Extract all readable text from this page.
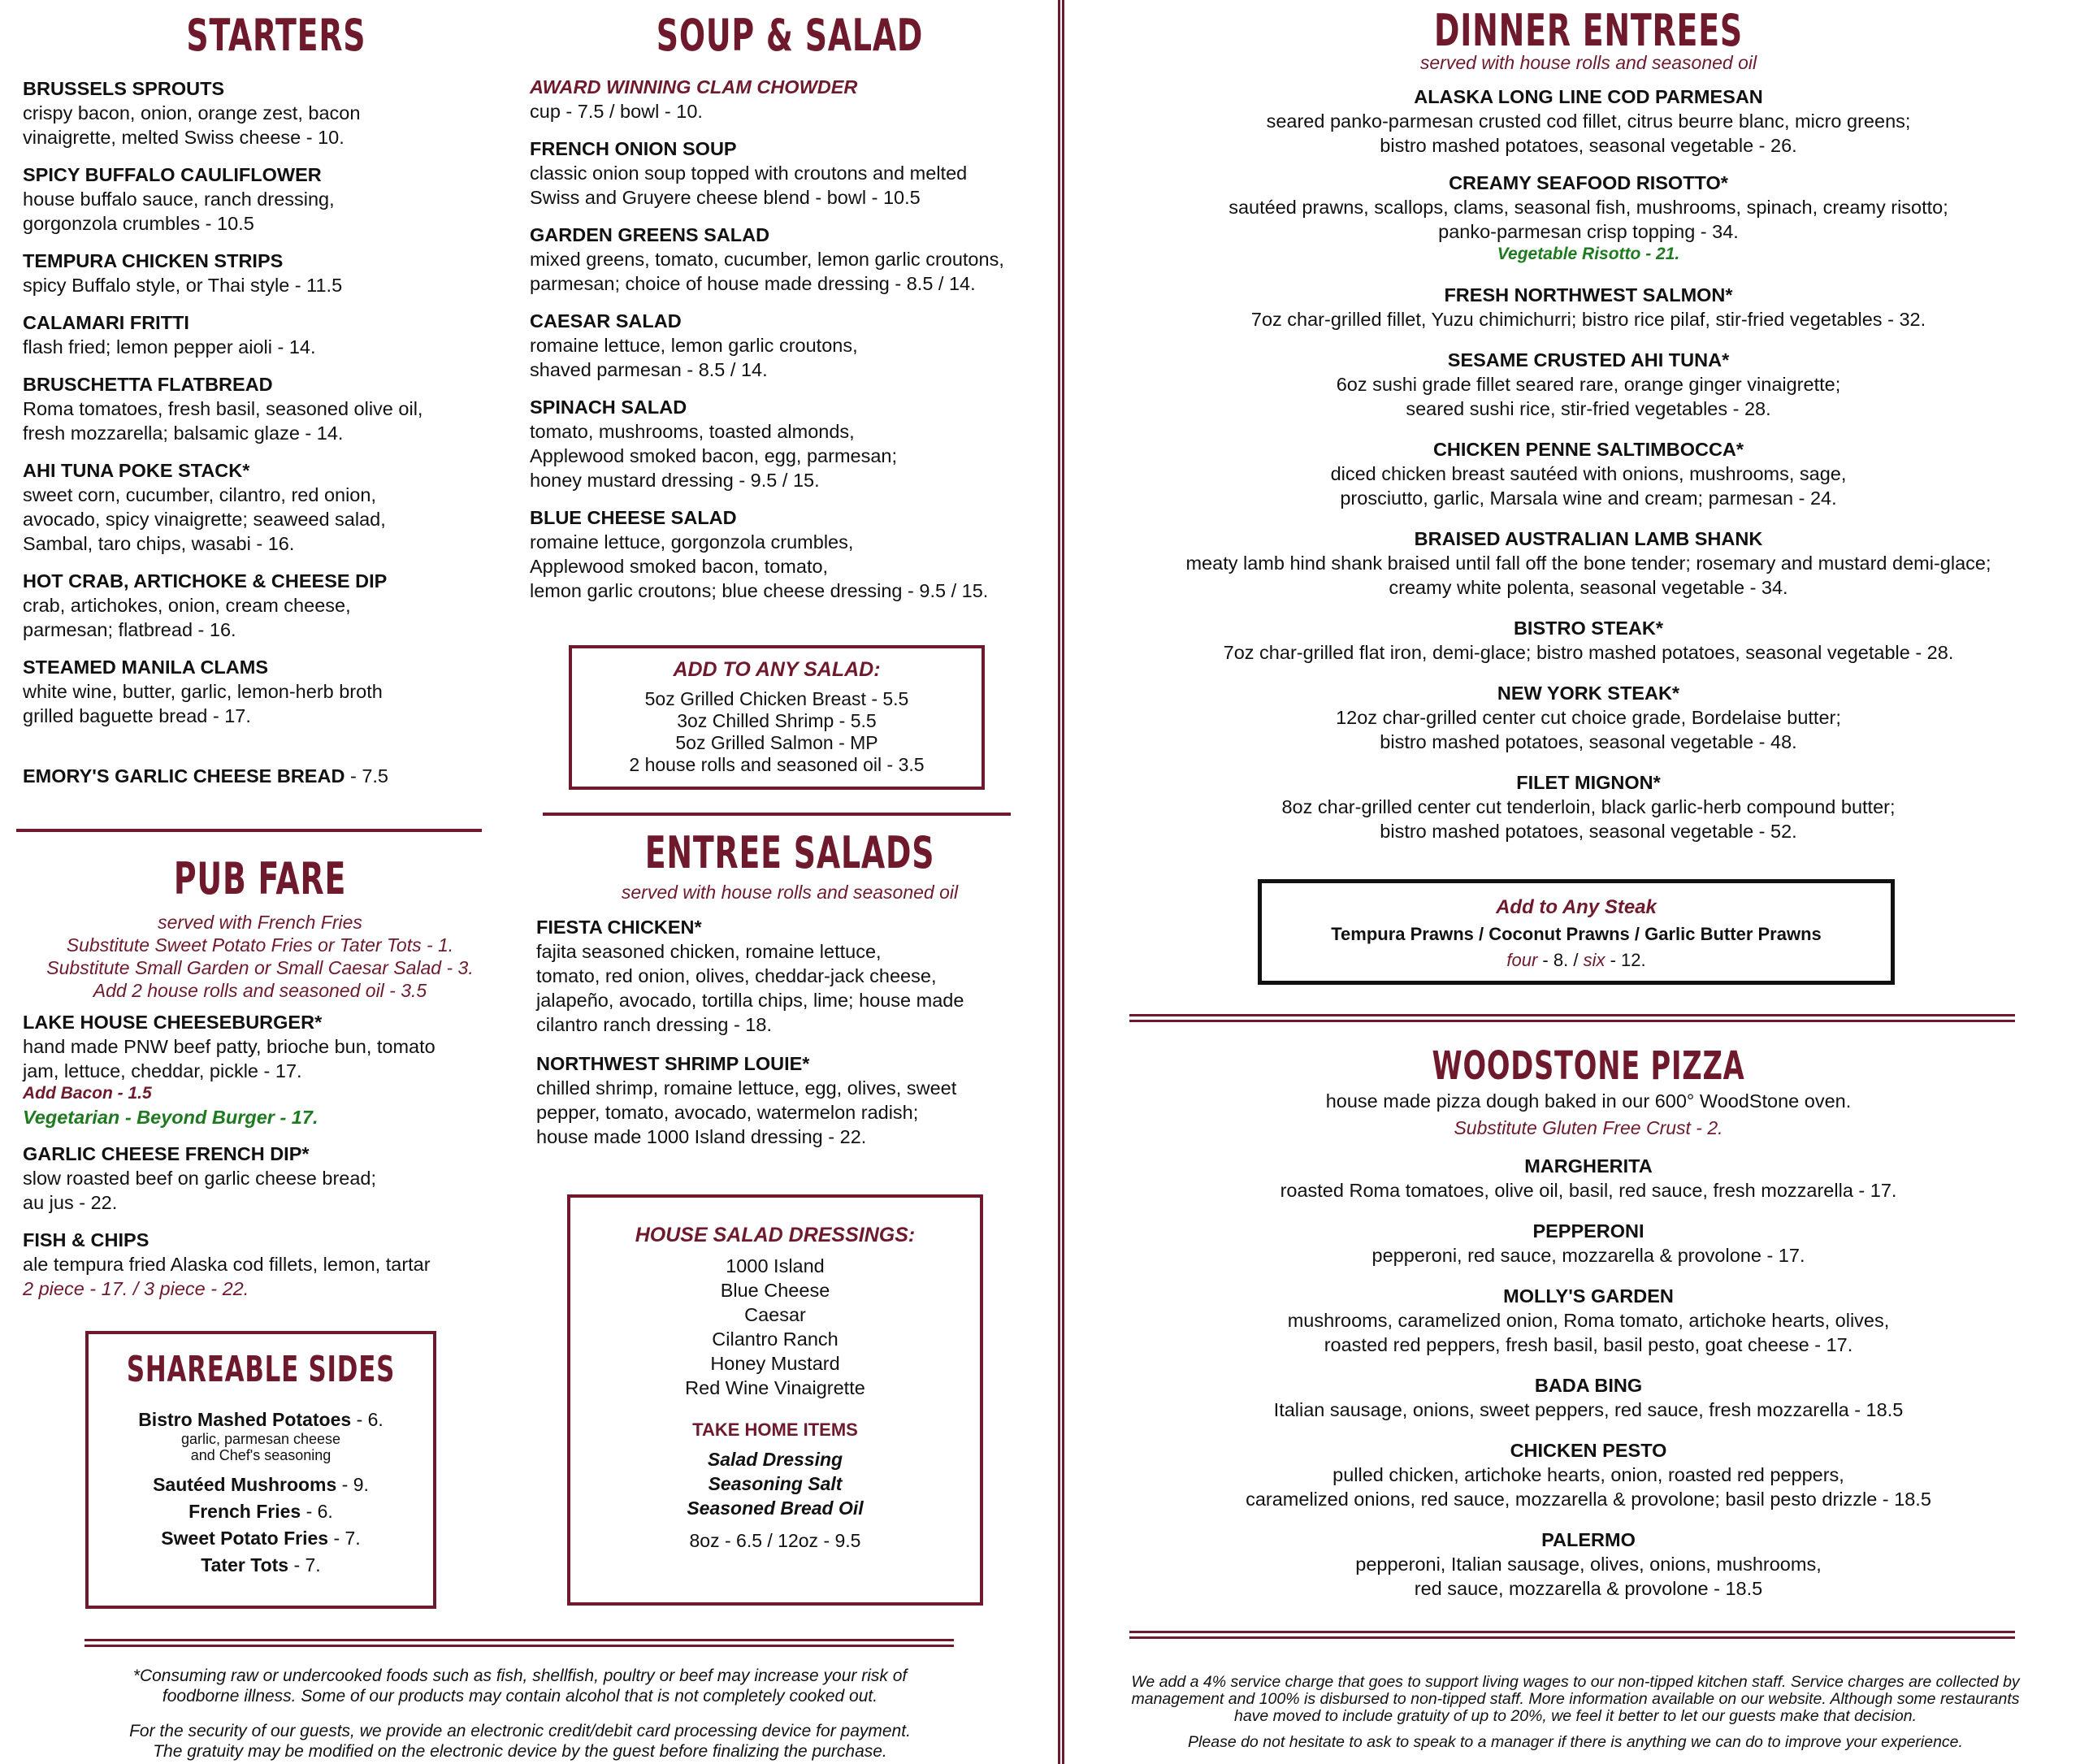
STARTERS
BRUSSELS SPROUTS
crispy bacon, onion, orange zest, bacon
vinaigrette, melted Swiss cheese - 10.
SPICY BUFFALO CAULIFLOWER
house buffalo sauce, ranch dressing,
gorgonzola crumbles - 10.5
TEMPURA CHICKEN STRIPS
spicy Buffalo style, or Thai style - 11.5
CALAMARI FRITTI
flash fried; lemon pepper aioli - 14.
BRUSCHETTA FLATBREAD
Roma tomatoes, fresh basil, seasoned olive oil,
fresh mozzarella; balsamic glaze - 14.
AHI TUNA POKE STACK*
sweet corn, cucumber, cilantro, red onion,
avocado, spicy vinaigrette; seaweed salad,
Sambal, taro chips, wasabi - 16.
HOT CRAB, ARTICHOKE & CHEESE DIP
crab, artichokes, onion, cream cheese,
parmesan; flatbread - 16.
STEAMED MANILA CLAMS
white wine, butter, garlic, lemon-herb broth
grilled baguette bread - 17.
EMORY'S GARLIC CHEESE BREAD - 7.5
PUB FARE
served with French Fries
Substitute Sweet Potato Fries or Tater Tots - 1.
Substitute Small Garden or Small Caesar Salad - 3.
Add 2 house rolls and seasoned oil - 3.5
LAKE HOUSE CHEESEBURGER*
hand made PNW beef patty, brioche bun, tomato
jam, lettuce, cheddar, pickle - 17.
Add Bacon - 1.5
Vegetarian - Beyond Burger - 17.
GARLIC CHEESE FRENCH DIP*
slow roasted beef on garlic cheese bread;
au jus - 22.
FISH & CHIPS
ale tempura fried Alaska cod fillets, lemon, tartar
2 piece - 17. / 3 piece - 22.
SHAREABLE SIDES
Bistro Mashed Potatoes - 6.
garlic, parmesan cheese
and Chef's seasoning
Sautéed Mushrooms - 9.
French Fries - 6.
Sweet Potato Fries - 7.
Tater Tots - 7.
SOUP & SALAD
AWARD WINNING CLAM CHOWDER
cup - 7.5 / bowl - 10.
FRENCH ONION SOUP
classic onion soup topped with croutons and melted
Swiss and Gruyere cheese blend - bowl - 10.5
GARDEN GREENS SALAD
mixed greens, tomato, cucumber, lemon garlic croutons,
parmesan; choice of house made dressing - 8.5 / 14.
CAESAR SALAD
romaine lettuce, lemon garlic croutons,
shaved parmesan - 8.5 / 14.
SPINACH SALAD
tomato, mushrooms, toasted almonds,
Applewood smoked bacon, egg, parmesan;
honey mustard dressing - 9.5 / 15.
BLUE CHEESE SALAD
romaine lettuce, gorgonzola crumbles,
Applewood smoked bacon, tomato,
lemon garlic croutons; blue cheese dressing - 9.5 / 15.
ADD TO ANY SALAD:
5oz Grilled Chicken Breast - 5.5
3oz Chilled Shrimp - 5.5
5oz Grilled Salmon - MP
2 house rolls and seasoned oil - 3.5
ENTREE SALADS
served with house rolls and seasoned oil
FIESTA CHICKEN*
fajita seasoned chicken, romaine lettuce,
tomato, red onion, olives, cheddar-jack cheese,
jalapeño, avocado, tortilla chips, lime; house made
cilantro ranch dressing - 18.
NORTHWEST SHRIMP LOUIE*
chilled shrimp, romaine lettuce, egg, olives, sweet
pepper, tomato, avocado, watermelon radish;
house made 1000 Island dressing - 22.
HOUSE SALAD DRESSINGS:
1000 Island
Blue Cheese
Caesar
Cilantro Ranch
Honey Mustard
Red Wine Vinaigrette
TAKE HOME ITEMS
Salad Dressing
Seasoning Salt
Seasoned Bread Oil
8oz - 6.5 / 12oz - 9.5
*Consuming raw or undercooked foods such as fish, shellfish, poultry or beef may increase your risk of
foodborne illness. Some of our products may contain alcohol that is not completely cooked out.
For the security of our guests, we provide an electronic credit/debit card processing device for payment.
The gratuity may be modified on the electronic device by the guest before finalizing the purchase.
DINNER ENTREES
served with house rolls and seasoned oil
ALASKA LONG LINE COD PARMESAN
seared panko-parmesan crusted cod fillet, citrus beurre blanc, micro greens;
bistro mashed potatoes, seasonal vegetable - 26.
CREAMY SEAFOOD RISOTTO*
sautéed prawns, scallops, clams, seasonal fish, mushrooms, spinach, creamy risotto;
panko-parmesan crisp topping - 34.
Vegetable Risotto - 21.
FRESH NORTHWEST SALMON*
7oz char-grilled fillet, Yuzu chimichurri; bistro rice pilaf, stir-fried vegetables - 32.
SESAME CRUSTED AHI TUNA*
6oz sushi grade fillet seared rare, orange ginger vinaigrette;
seared sushi rice, stir-fried vegetables - 28.
CHICKEN PENNE SALTIMBOCCA*
diced chicken breast sautéed with onions, mushrooms, sage,
prosciutto, garlic, Marsala wine and cream; parmesan - 24.
BRAISED AUSTRALIAN LAMB SHANK
meaty lamb hind shank braised until fall off the bone tender; rosemary and mustard demi-glace;
creamy white polenta, seasonal vegetable - 34.
BISTRO STEAK*
7oz char-grilled flat iron, demi-glace; bistro mashed potatoes, seasonal vegetable - 28.
NEW YORK STEAK*
12oz char-grilled center cut choice grade, Bordelaise butter;
bistro mashed potatoes, seasonal vegetable - 48.
FILET MIGNON*
8oz char-grilled center cut tenderloin, black garlic-herb compound butter;
bistro mashed potatoes, seasonal vegetable - 52.
Add to Any Steak
Tempura Prawns / Coconut Prawns / Garlic Butter Prawns
four - 8. / six - 12.
WOODSTONE PIZZA
house made pizza dough baked in our 600° WoodStone oven.
Substitute Gluten Free Crust - 2.
MARGHERITA
roasted Roma tomatoes, olive oil, basil, red sauce, fresh mozzarella - 17.
PEPPERONI
pepperoni, red sauce, mozzarella & provolone - 17.
MOLLY'S GARDEN
mushrooms, caramelized onion, Roma tomato, artichoke hearts, olives,
roasted red peppers, fresh basil, basil pesto, goat cheese - 17.
BADA BING
Italian sausage, onions, sweet peppers, red sauce, fresh mozzarella - 18.5
CHICKEN PESTO
pulled chicken, artichoke hearts, onion, roasted red peppers,
caramelized onions, red sauce, mozzarella & provolone; basil pesto drizzle - 18.5
PALERMO
pepperoni, Italian sausage, olives, onions, mushrooms,
red sauce, mozzarella & provolone - 18.5
We add a 4% service charge that goes to support living wages to our non-tipped kitchen staff. Service charges are collected by
management and 100% is disbursed to non-tipped staff. More information available on our website. Although some restaurants
have moved to include gratuity of up to 20%, we feel it better to let our guests make that decision.
Please do not hesitate to ask to speak to a manager if there is anything we can do to improve your experience.
